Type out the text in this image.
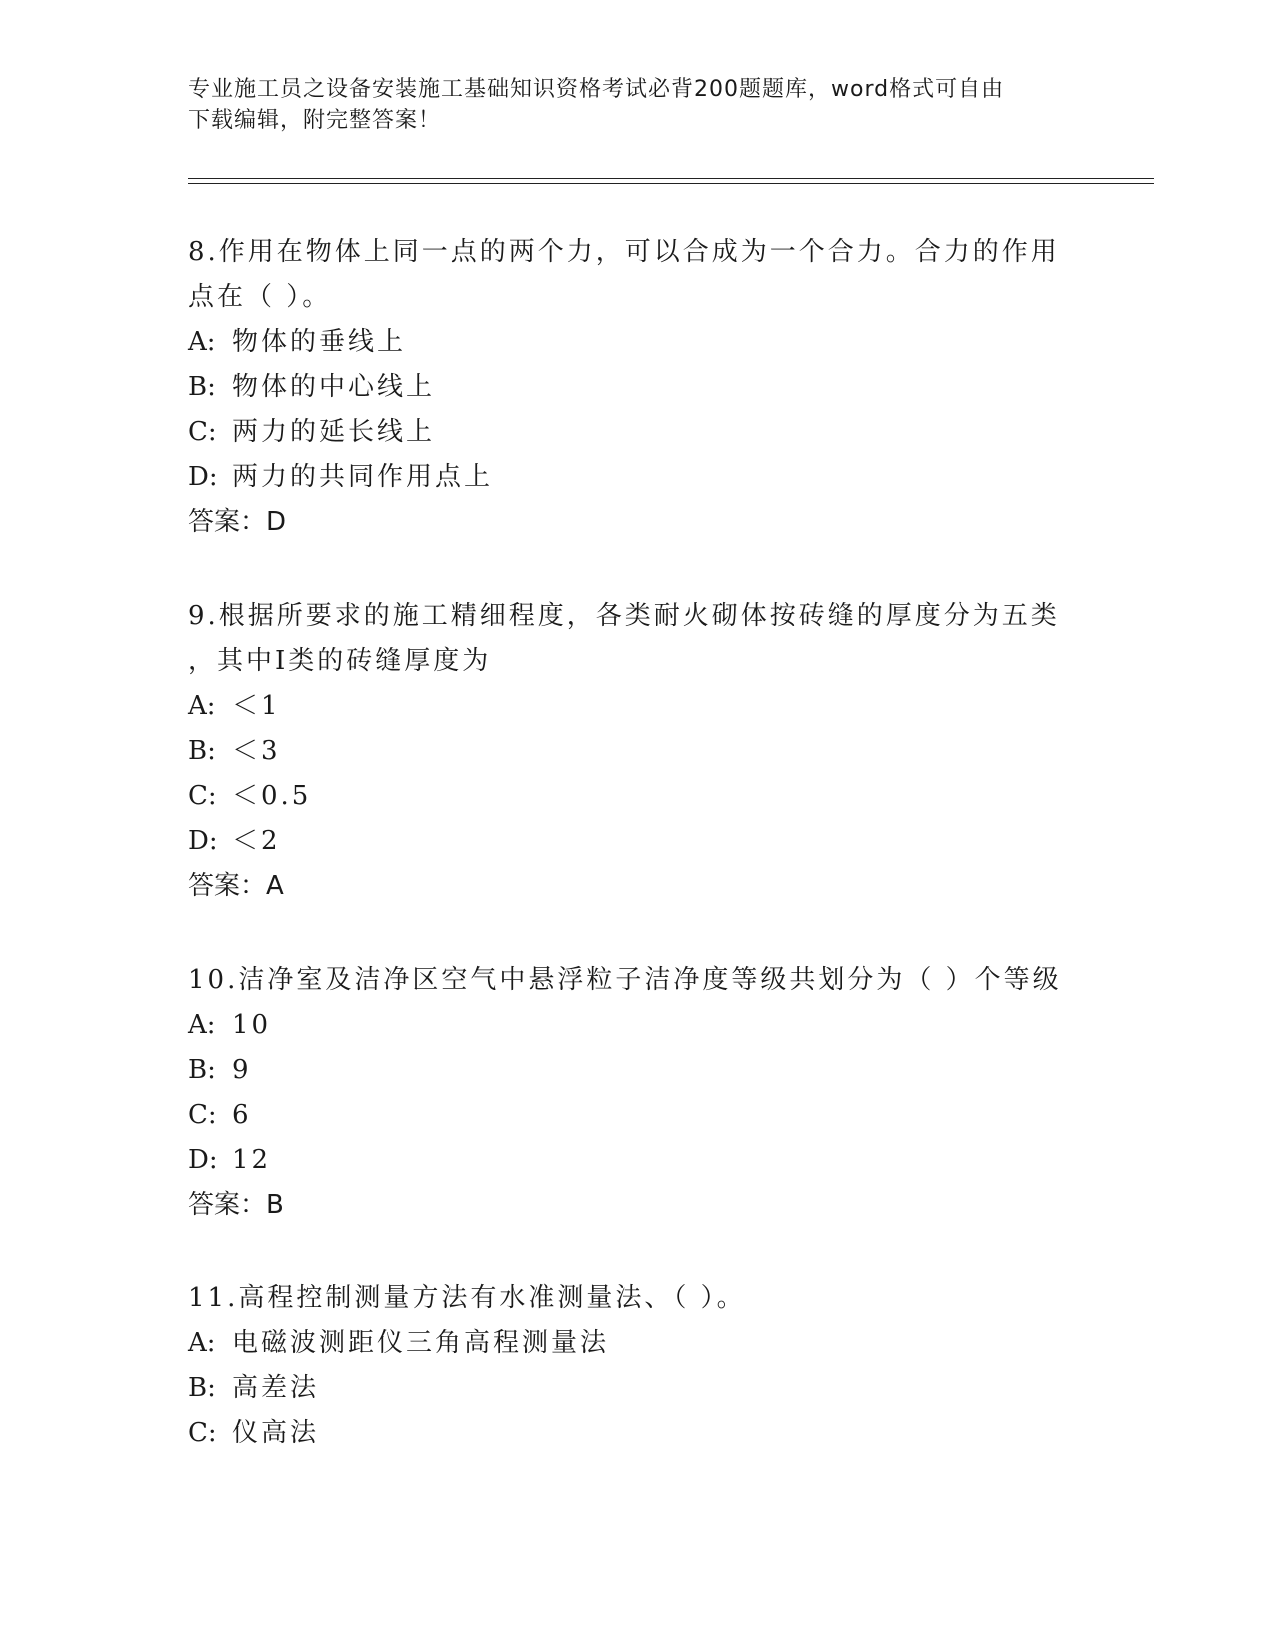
专业施工员之设备安装施工基础知识资格考试必背200题题库，word格式可自由
下载编辑，附完整答案！

8.作用在物体上同一点的两个力，可以合成为一个合力。合力的作用

点在（ ）。

A: 物体的垂线上

B: 物体的中心线上

C: 两力的延长线上

D: 两力的共同作用点上

答案：D

9.根据所要求的施工精细程度，各类耐火砌体按砖缝的厚度分为五类

，其中Ⅰ类的砖缝厚度为

A: ＜1

B: ＜3

C: ＜0.5

D: ＜2

答案：A

10.洁净室及洁净区空气中悬浮粒子洁净度等级共划分为（ ）个等级

A: 10

B: 9

C: 6

D: 12

答案：B

11.高程控制测量方法有水准测量法、（ ）。

A: 电磁波测距仪三角高程测量法

B: 高差法

C: 仪高法
